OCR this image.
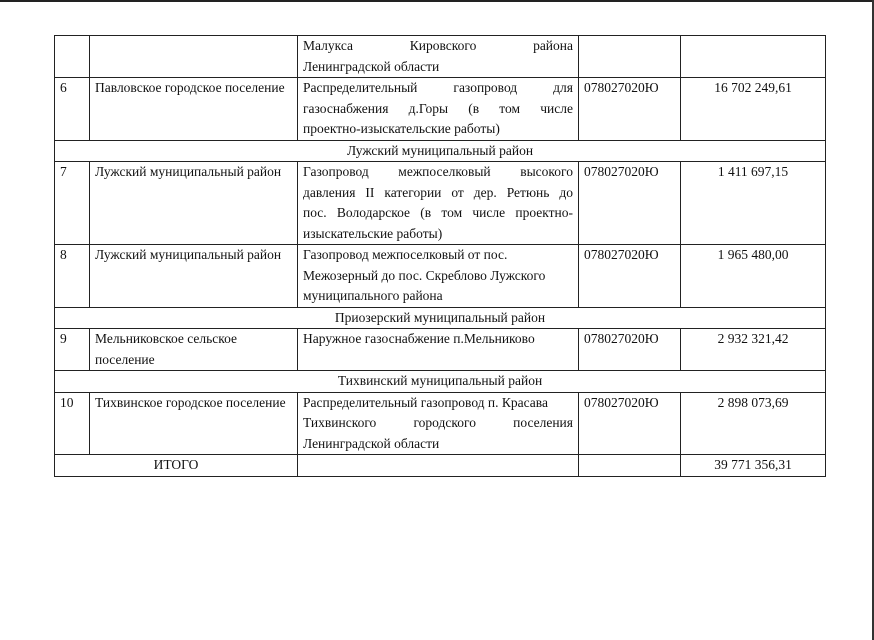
		Малукса Кировского района
Ленинградской области		

6	Павловское городское поселение	Распределительный газопровод для
газоснабжения д.Горы (в том числе
проектно-изыскательские работы)	078027020Ю	16 702 249,61
Лужский муниципальный район				
7	Лужский муниципальный район	Газопровод межпоселковый высокого
давления II категории от дер. Ретюнь до
пос. Володарское (в том числе проектно-
изыскательские работы)	078027020Ю	1 411 697,15
8	Лужский муниципальный район	Газопровод межпоселковый от пос.
Межозерный до пос. Скреблово Лужского
муниципального района	078027020Ю	1 965 480,00
Приозерский муниципальный район				
9	Мельниковское сельское поселение	Наружное газоснабжение п.Мельниково	078027020Ю	2 932 321,42
Тихвинский муниципальный район				
10	Тихвинское городское поселение	Распределительный газопровод п. Красава
Тихвинского городского поселения
Ленинградской области	078027020Ю	2 898 073,69
ИТОГО				39 771 356,31
